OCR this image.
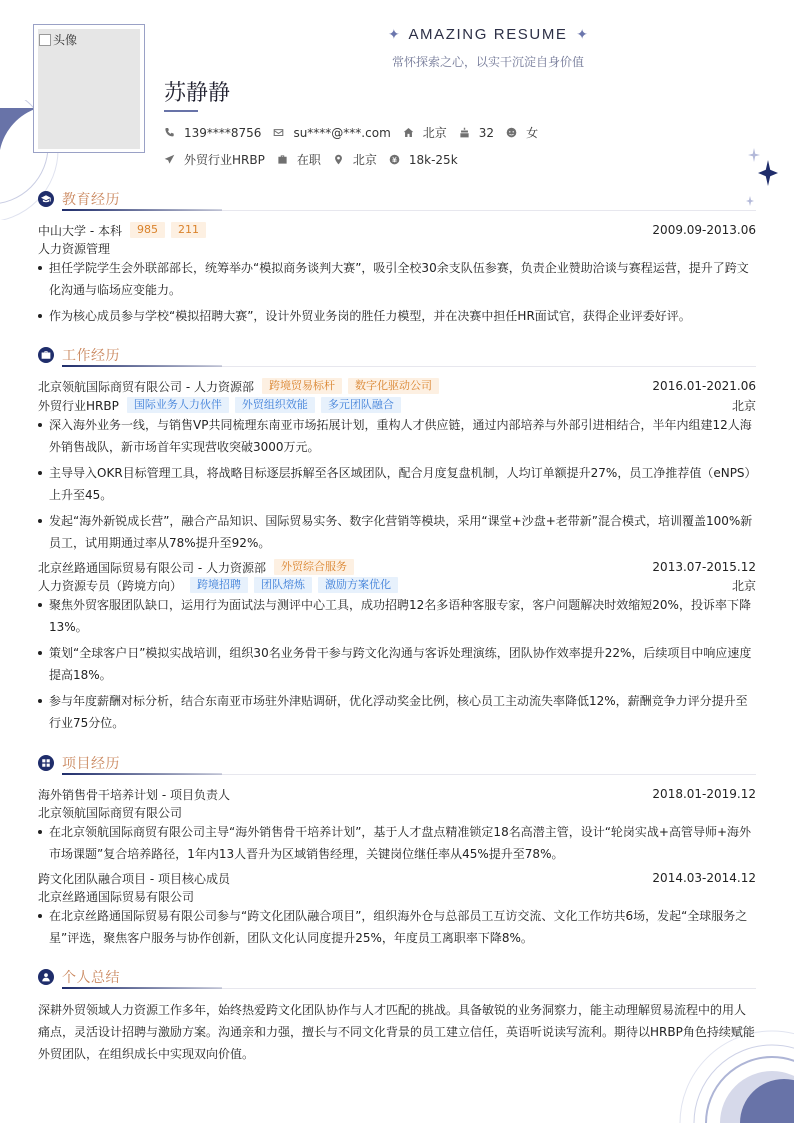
头像	✦ AMAZING RESUME ✦
常怀探索之心，以实干沉淀自身价值
苏静静
139****8756	su****@***.com	北京	32	女
外贸行业HRBP	在职	北京	18k-25k
教育经历
中山大学 - 本科	985	211	2009.09-2013.06
人力资源管理
担任学院学生会外联部部长，统筹举办“模拟商务谈判大赛”，吸引全校30余支队伍参赛，负责企业赞助洽谈与赛程运营，提升了跨文化沟通与临场应变能力。
作为核心成员参与学校“模拟招聘大赛”，设计外贸业务岗的胜任力模型，并在决赛中担任HR面试官，获得企业评委好评。
工作经历
北京领航国际商贸有限公司 - 人力资源部	跨境贸易标杆	数字化驱动公司	2016.01-2021.06
外贸行业HRBP	国际业务人力伙伴	外贸组织效能	多元团队融合	北京
深入海外业务一线，与销售VP共同梳理东南亚市场拓展计划，重构人才供应链，通过内部培养与外部引进相结合，半年内组建12人海外销售战队，新市场首年实现营收突破3000万元。
主导导入OKR目标管理工具，将战略目标逐层拆解至各区域团队，配合月度复盘机制，人均订单额提升27%，员工净推荐值（eNPS）上升至45。
发起“海外新锐成长营”，融合产品知识、国际贸易实务、数字化营销等模块，采用“课堂+沙盘+老带新”混合模式，培训覆盖100%新员工，试用期通过率从78%提升至92%。
北京丝路通国际贸易有限公司 - 人力资源部	外贸综合服务	2013.07-2015.12
人力资源专员（跨境方向）	跨境招聘	团队熔炼	激励方案优化	北京
聚焦外贸客服团队缺口，运用行为面试法与测评中心工具，成功招聘12名多语种客服专家，客户问题解决时效缩短20%，投诉率下降13%。
策划“全球客户日”模拟实战培训，组织30名业务骨干参与跨文化沟通与客诉处理演练，团队协作效率提升22%，后续项目中响应速度提高18%。
参与年度薪酬对标分析，结合东南亚市场驻外津贴调研，优化浮动奖金比例，核心员工主动流失率降低12%，薪酬竞争力评分提升至行业75分位。
项目经历
海外销售骨干培养计划 - 项目负责人	2018.01-2019.12
北京领航国际商贸有限公司
在北京领航国际商贸有限公司主导“海外销售骨干培养计划”，基于人才盘点精准锁定18名高潜主管，设计“轮岗实战+高管导师+海外市场课题”复合培养路径，1年内13人晋升为区域销售经理，关键岗位继任率从45%提升至78%。
跨文化团队融合项目 - 项目核心成员	2014.03-2014.12
北京丝路通国际贸易有限公司
在北京丝路通国际贸易有限公司参与“跨文化团队融合项目”，组织海外仓与总部员工互访交流、文化工作坊共6场，发起“全球服务之星”评选，聚焦客户服务与协作创新，团队文化认同度提升25%，年度员工离职率下降8%。
个人总结
深耕外贸领域人力资源工作多年，始终热爱跨文化团队协作与人才匹配的挑战。具备敏锐的业务洞察力，能主动理解贸易流程中的用人痛点，灵活设计招聘与激励方案。沟通亲和力强，擅长与不同文化背景的员工建立信任，英语听说读写流利。期待以HRBP角色持续赋能外贸团队，在组织成长中实现双向价值。
